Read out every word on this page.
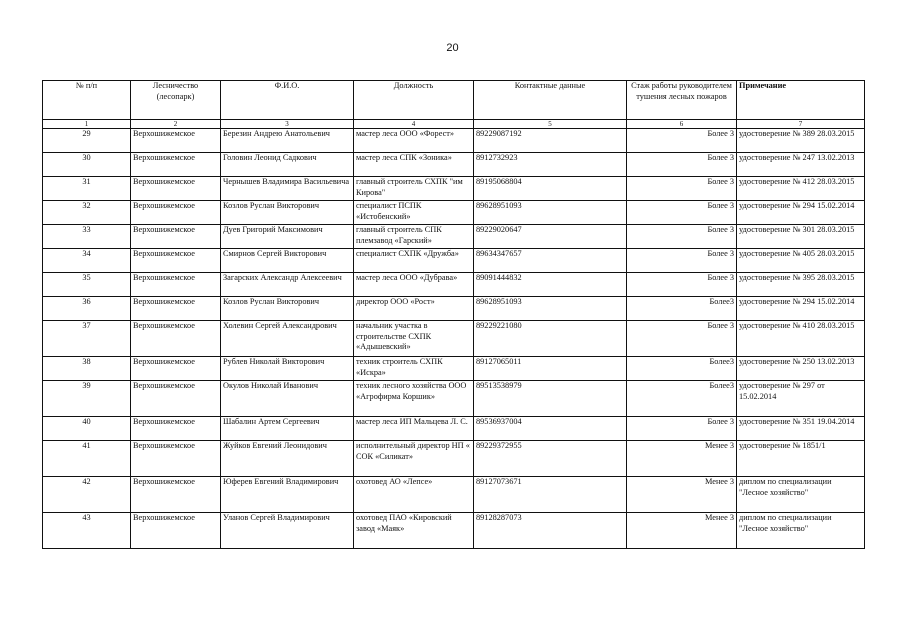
20
№ п/п	Лесничество (лесопарк)	Ф.И.О.	Должность	Контактные данные	Стаж работы руководителем тушения лесных пожаров	Примечание
1	2	3	4	5	6	7
29	Верхошижемское	Березин Андрею Анатольевич	мастер леса ООО «Форест»	89229087192	Более 3	удостоверение № 389 28.03.2015
30	Верхошижемское	Головин Леонид Садкович	мастер леса СПК «Зоника»	8912732923	Более 3	удостоверение № 247 13.02.2013
31	Верхошижемское	Чернышев Владимира Васильевича	главный строитель СХПК "им Кирова"	89195068804	Более 3	удостоверение № 412 28.03.2015
32	Верхошижемское	Козлов Руслан Викторович	специалист ПСПК «Истобенский»	89628951093	Более 3	удостоверение № 294 15.02.2014
33	Верхошижемское	Дуев Григорий Максимович	главный строитель СПК племзавод «Гарский»	89229020647	Более 3	удостоверение № 301 28.03.2015
34	Верхошижемское	Смирнов Сергей Викторович	специалист СХПК «Дружба»	89634347657	Более 3	удостоверение № 405 28.03.2015
35	Верхошижемское	Загарских Александр Алексеевич	мастер леса ООО «Дубрава»	89091444832	Более 3	удостоверение № 395 28.03.2015
36	Верхошижемское	Козлов Руслан Викторович	директор ООО «Рост»	89628951093	Более3	удостоверение № 294 15.02.2014
37	Верхошижемское	Холевин Сергей Александрович	начальник участка в строительстве СХПК «Адышевский»	89229221080	Более 3	удостоверение № 410 28.03.2015
38	Верхошижемское	Рублев Николай Викторович	техник строитель СХПК «Искра»	89127065011	Более3	удостоверение № 250 13.02.2013
39	Верхошижемское	Окулов Николай Иванович	техник лесного хозяйства ООО «Агрофирма Коршик»	89513538979	Более3	удостоверение № 297 от 15.02.2014
40	Верхошижемское	Шабалин Артем Сергеевич	мастер леса ИП Мальцева Л. С.	89536937004	Более 3	удостоверение № 351 19.04.2014
41	Верхошижемское	Жуйков Евгений Леонидович	исполнительный директор НП « СОК «Силикат»	89229372955	Менее 3	удостоверение № 1851/1
42	Верхошижемское	Юферев Евгений Владимирович	охотовед АО «Лепсе»	89127073671	Менее 3	диплом по специализации "Лесное хозяйство"
43	Верхошижемское	Уланов Сергей Владимирович	охотовед ПАО «Кировский завод «Маяк»	89128287073	Менее 3	диплом по специализации "Лесное хозяйство"
